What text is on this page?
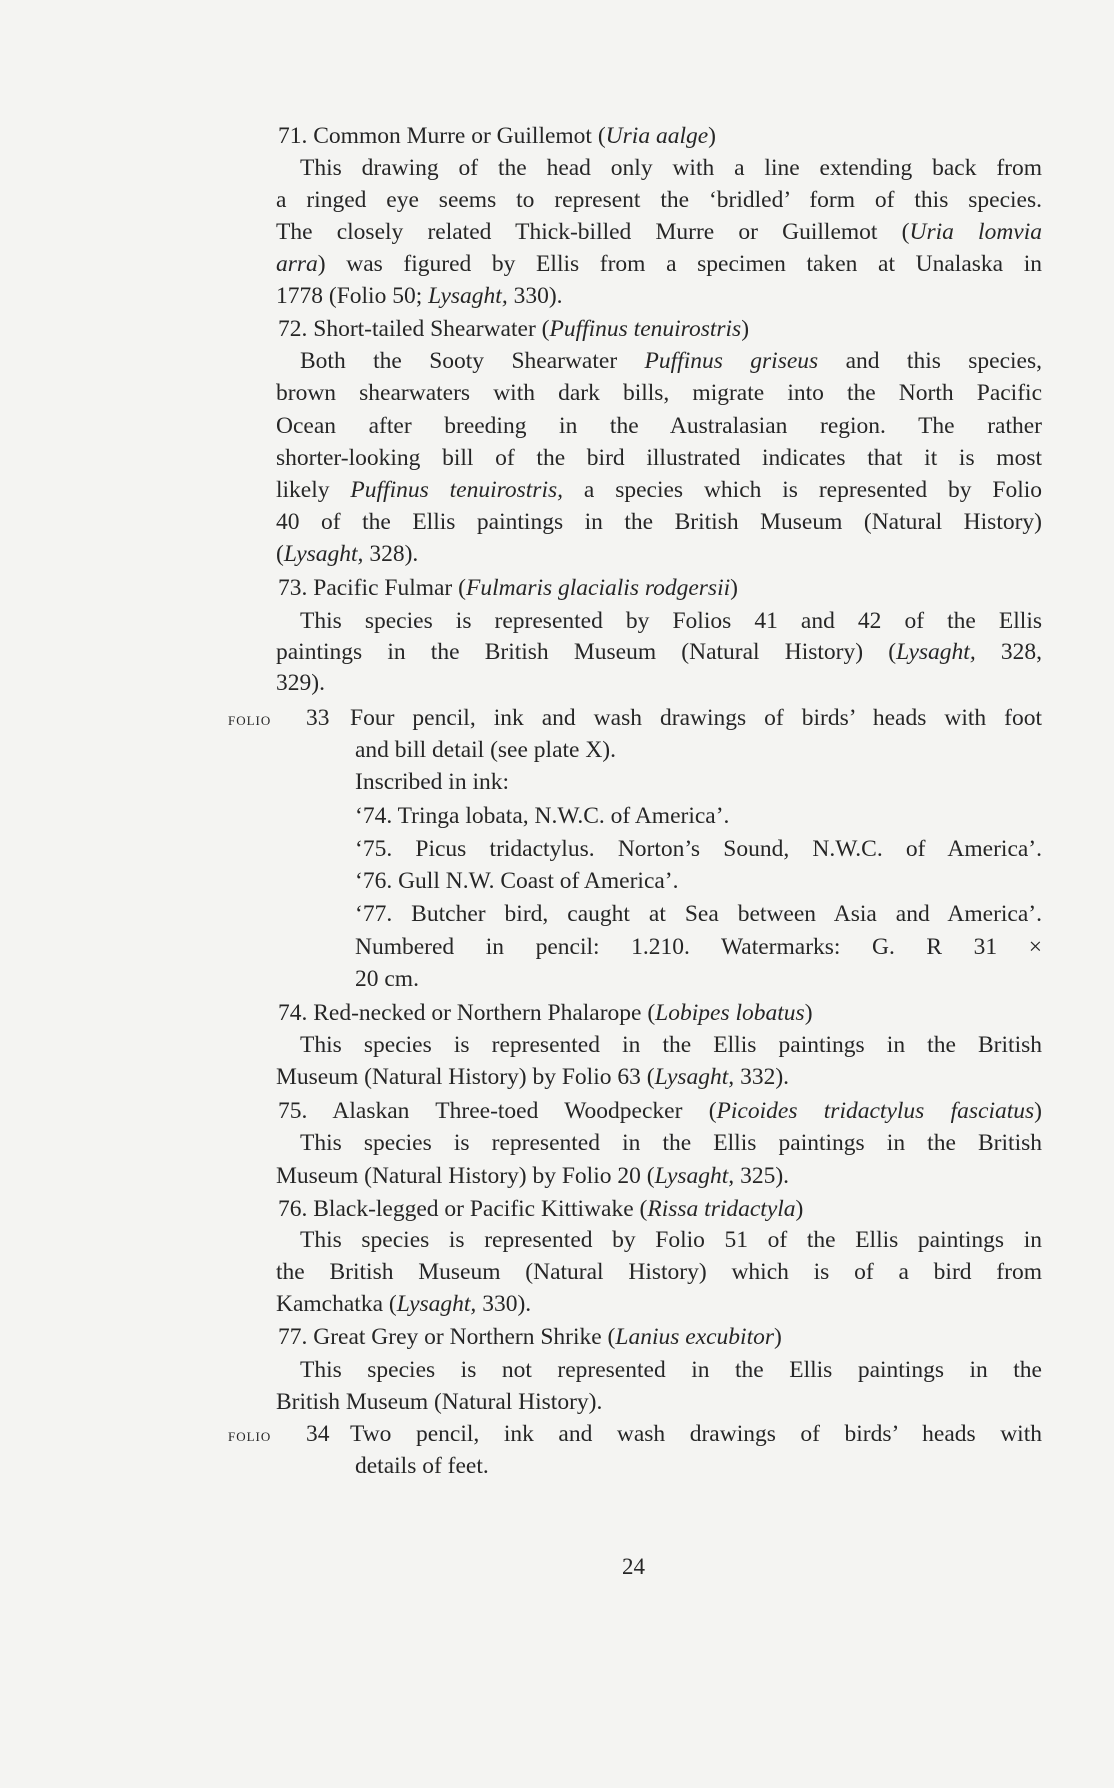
71. Common Murre or Guillemot (Uria aalge)
This drawing of the head only with a line extending back from
a ringed eye seems to represent the ‘bridled’ form of this species.
The closely related Thick-billed Murre or Guillemot (Uria lomvia
arra) was figured by Ellis from a specimen taken at Unalaska in
1778 (Folio 50; Lysaght, 330).
72. Short-tailed Shearwater (Puffinus tenuirostris)
Both the Sooty Shearwater Puffinus griseus and this species,
brown shearwaters with dark bills, migrate into the North Pacific
Ocean after breeding in the Australasian region. The rather
shorter-looking bill of the bird illustrated indicates that it is most
likely Puffinus tenuirostris, a species which is represented by Folio
40 of the Ellis paintings in the British Museum (Natural History)
(Lysaght, 328).
73. Pacific Fulmar (Fulmaris glacialis rodgersii)
This species is represented by Folios 41 and 42 of the Ellis
paintings in the British Museum (Natural History) (Lysaght, 328,
329).
Four pencil, ink and wash drawings of birds’ heads with foot
and bill detail (see plate X).
Inscribed in ink:
‘74. Tringa lobata, N.W.C. of America’.
‘75. Picus tridactylus. Norton’s Sound, N.W.C. of America’.
‘76. Gull N.W. Coast of America’.
‘77. Butcher bird, caught at Sea between Asia and America’.
Numbered in pencil: 1.210. Watermarks: G. R 31 ×
20 cm.
74. Red-necked or Northern Phalarope (Lobipes lobatus)
This species is represented in the Ellis paintings in the British
Museum (Natural History) by Folio 63 (Lysaght, 332).
75. Alaskan Three-toed Woodpecker (Picoides tridactylus fasciatus)
This species is represented in the Ellis paintings in the British
Museum (Natural History) by Folio 20 (Lysaght, 325).
76. Black-legged or Pacific Kittiwake (Rissa tridactyla)
This species is represented by Folio 51 of the Ellis paintings in
the British Museum (Natural History) which is of a bird from
Kamchatka (Lysaght, 330).
77. Great Grey or Northern Shrike (Lanius excubitor)
This species is not represented in the Ellis paintings in the
British Museum (Natural History).
Two pencil, ink and wash drawings of birds’ heads with
details of feet.
folio 33
folio 34
24
